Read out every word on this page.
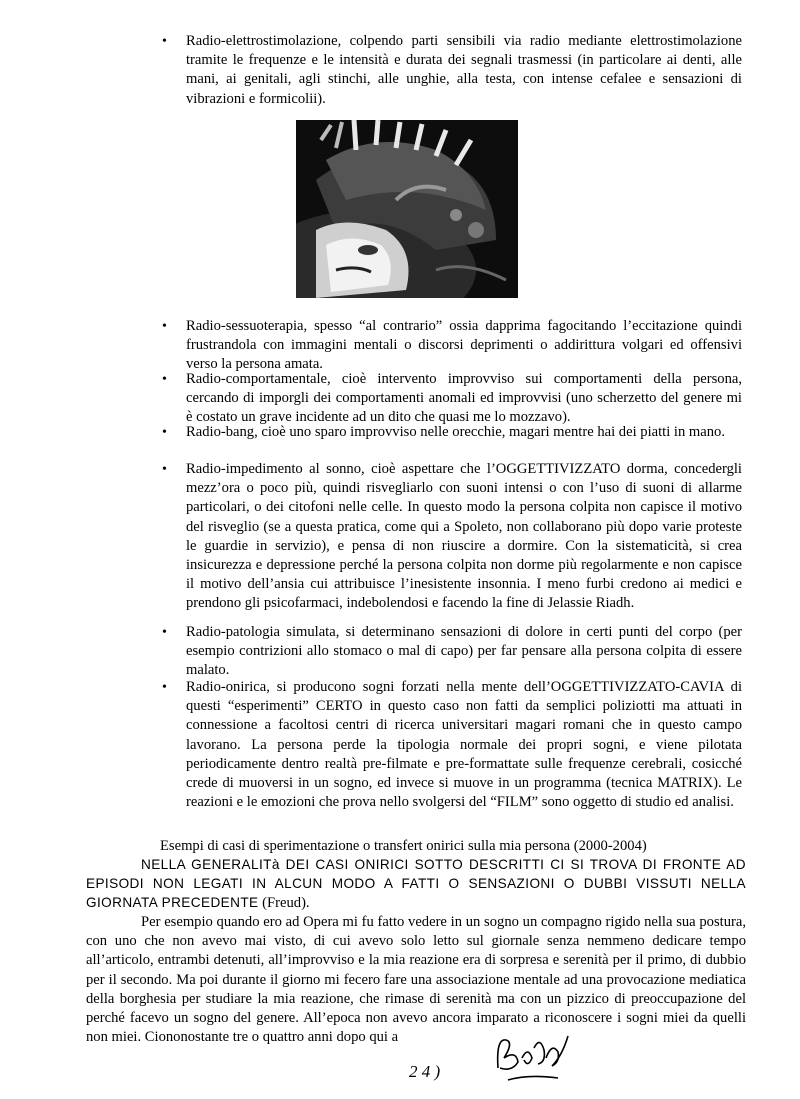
• Radio-elettrostimolazione, colpendo parti sensibili via radio mediante elettrostimolazione tramite le frequenze e le intensità e durata dei segnali trasmessi (in particolare ai denti, alle mani, ai genitali, agli stinchi, alle unghie, alla testa, con intense cefalee e sensazioni di vibrazioni e formicolii).
• Radio-sessuoterapia, spesso “al contrario” ossia dapprima fagocitando l’eccitazione quindi frustrandola con immagini mentali o discorsi deprimenti o addirittura volgari ed offensivi verso la persona amata.
• Radio-comportamentale, cioè intervento improvviso sui comportamenti della persona, cercando di imporgli dei comportamenti anomali ed improvvisi (uno scherzetto del genere mi è costato un grave incidente ad un dito che quasi me lo mozzavo).
• Radio-bang, cioè uno sparo improvviso nelle orecchie, magari mentre hai dei piatti in mano.
• Radio-impedimento al sonno, cioè aspettare che l’OGGETTIVIZZATO dorma, concedergli mezz’ora o poco più, quindi risvegliarlo con suoni intensi o con l’uso di suoni di allarme particolari, o dei citofoni nelle celle. In questo modo la persona colpita non capisce il motivo del risveglio (se a questa pratica, come qui a Spoleto, non collaborano più dopo varie proteste le guardie in servizio), e pensa di non riuscire a dormire. Con la sistematicità, si crea insicurezza e depressione perché la persona colpita non dorme più regolarmente e non capisce il motivo dell’ansia cui attribuisce l’inesistente insonnia. I meno furbi credono ai medici e prendono gli psicofarmaci, indebolendosi e facendo la fine di Jelassie Riadh.
• Radio-patologia simulata, si determinano sensazioni di dolore in certi punti del corpo (per esempio contrizioni allo stomaco o mal di capo) per far pensare alla persona colpita di essere malato.
• Radio-onirica, si producono sogni forzati nella mente dell’OGGETTIVIZZATO-CAVIA di questi “esperimenti” CERTO in questo caso non fatti da semplici poliziotti ma attuati in connessione a facoltosi centri di ricerca universitari magari romani che in questo campo lavorano. La persona perde la tipologia normale dei propri sogni, e viene pilotata periodicamente dentro realtà pre-filmate e pre-formattate sulle frequenze cerebrali, cosicché crede di muoversi in un sogno, ed invece si muove in un programma (tecnica MATRIX). Le reazioni e le emozioni che prova nello svolgersi del “FILM” sono oggetto di studio ed analisi.
Esempi di casi di sperimentazione o transfert onirici sulla mia persona (2000-2004)
NELLA GENERALITà DEI CASI ONIRICI SOTTO DESCRITTI CI SI TROVA DI FRONTE AD EPISODI NON LEGATI IN ALCUN MODO A FATTI O SENSAZIONI O DUBBI VISSUTI NELLA GIORNATA PRECEDENTE (Freud).
Per esempio quando ero ad Opera mi fu fatto vedere in un sogno un compagno rigido nella sua postura, con uno che non avevo mai visto, di cui avevo solo letto sul giornale senza nemmeno dedicare tempo all’articolo, entrambi detenuti, all’improvviso e la mia reazione era di sorpresa e serenità per il primo, di dubbio per il secondo. Ma poi durante il giorno mi fecero fare una associazione mentale ad una provocazione mediatica della borghesia per studiare la mia reazione, che rimase di serenità ma con un pizzico di preoccupazione del perché facevo un sogno del genere. All’epoca non avevo ancora imparato a riconoscere i sogni miei da quelli non miei. Ciononostante tre o quattro anni dopo qui a
2 4 )
